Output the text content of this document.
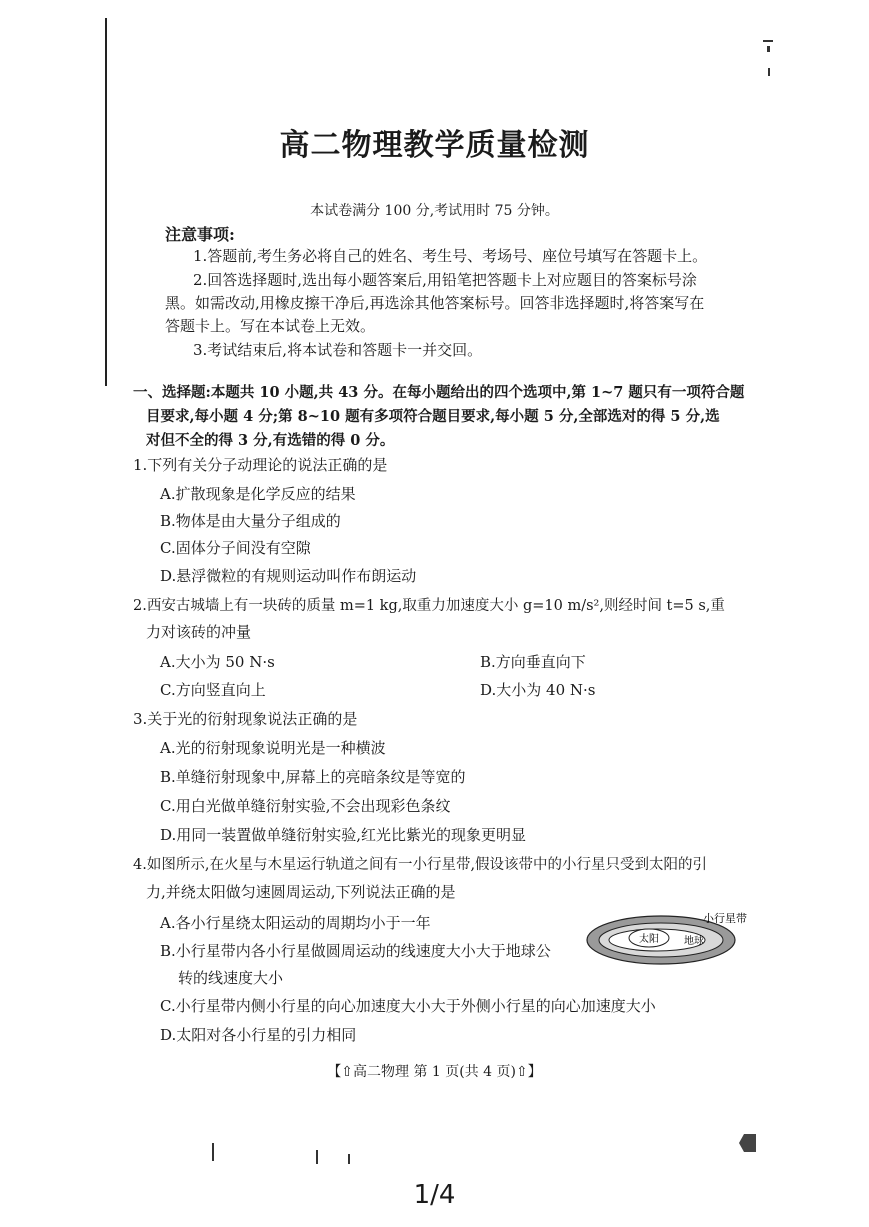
高二物理教学质量检测
本试卷满分 100 分,考试用时 75 分钟。
注意事项:
1.答题前,考生务必将自己的姓名、考生号、考场号、座位号填写在答题卡上。
2.回答选择题时,选出每小题答案后,用铅笔把答题卡上对应题目的答案标号涂
黑。如需改动,用橡皮擦干净后,再选涂其他答案标号。回答非选择题时,将答案写在
答题卡上。写在本试卷上无效。
3.考试结束后,将本试卷和答题卡一并交回。
一、选择题:本题共 10 小题,共 43 分。在每小题给出的四个选项中,第 1~7 题只有一项符合题
目要求,每小题 4 分;第 8~10 题有多项符合题目要求,每小题 5 分,全部选对的得 5 分,选
对但不全的得 3 分,有选错的得 0 分。
1.下列有关分子动理论的说法正确的是
A.扩散现象是化学反应的结果
B.物体是由大量分子组成的
C.固体分子间没有空隙
D.悬浮微粒的有规则运动叫作布朗运动
2.西安古城墙上有一块砖的质量 m=1 kg,取重力加速度大小 g=10 m/s²,则经时间 t=5 s,重
力对该砖的冲量
A.大小为 50 N·s	B.方向垂直向下
C.方向竖直向上	D.大小为 40 N·s
3.关于光的衍射现象说法正确的是
A.光的衍射现象说明光是一种横波
B.单缝衍射现象中,屏幕上的亮暗条纹是等宽的
C.用白光做单缝衍射实验,不会出现彩色条纹
D.用同一装置做单缝衍射实验,红光比紫光的现象更明显
4.如图所示,在火星与木星运行轨道之间有一小行星带,假设该带中的小行星只受到太阳的引
力,并绕太阳做匀速圆周运动,下列说法正确的是
A.各小行星绕太阳运动的周期均小于一年
B.小行星带内各小行星做圆周运动的线速度大小大于地球公
转的线速度大小
C.小行星带内侧小行星的向心加速度大小大于外侧小行星的向心加速度大小
D.太阳对各小行星的引力相同
太阳	地球
小行星带
【⇧高二物理 第 1 页(共 4 页)⇧】
1/4
